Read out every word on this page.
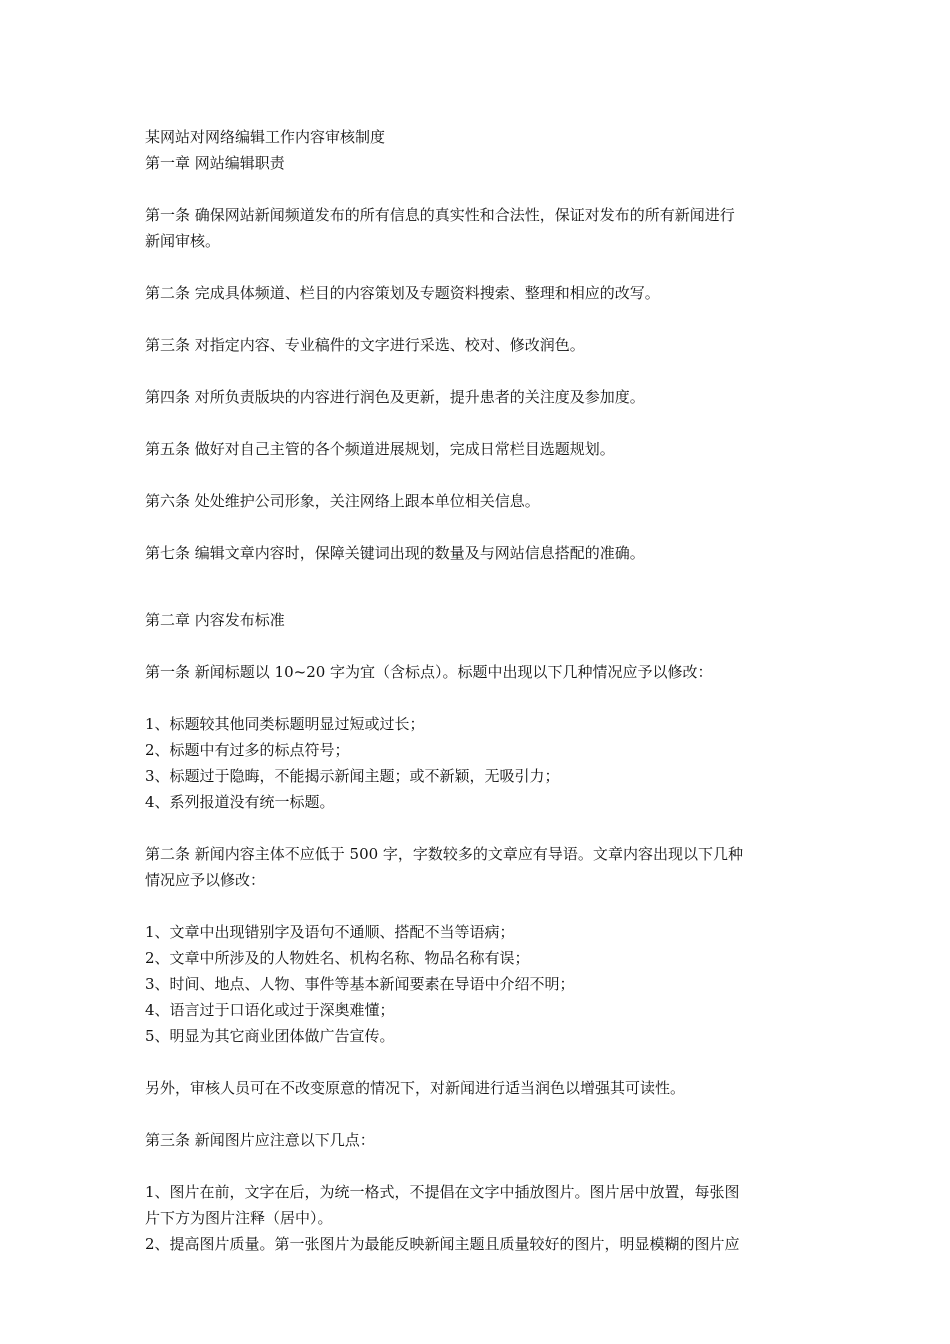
某网站对网络编辑工作内容审核制度
第一章 网站编辑职责
第一条 确保网站新闻频道发布的所有信息的真实性和合法性，保证对发布的所有新闻进行
新闻审核。
第二条 完成具体频道、栏目的内容策划及专题资料搜索、整理和相应的改写。
第三条 对指定内容、专业稿件的文字进行采选、校对、修改润色。
第四条 对所负责版块的内容进行润色及更新，提升患者的关注度及参加度。
第五条 做好对自己主管的各个频道进展规划，完成日常栏目选题规划。
第六条 处处维护公司形象，关注网络上跟本单位相关信息。
第七条 编辑文章内容时，保障关键词出现的数量及与网站信息搭配的准确。
第二章 内容发布标准
第一条 新闻标题以 10~20 字为宜（含标点）。标题中出现以下几种情况应予以修改：
1、标题较其他同类标题明显过短或过长；
2、标题中有过多的标点符号；
3、标题过于隐晦，不能揭示新闻主题；或不新颖，无吸引力；
4、系列报道没有统一标题。
第二条 新闻内容主体不应低于 500 字，字数较多的文章应有导语。文章内容出现以下几种
情况应予以修改：
1、文章中出现错别字及语句不通顺、搭配不当等语病；
2、文章中所涉及的人物姓名、机构名称、物品名称有误；
3、时间、地点、人物、事件等基本新闻要素在导语中介绍不明；
4、语言过于口语化或过于深奥难懂；
5、明显为其它商业团体做广告宣传。
另外，审核人员可在不改变原意的情况下，对新闻进行适当润色以增强其可读性。
第三条 新闻图片应注意以下几点：
1、图片在前，文字在后，为统一格式，不提倡在文字中插放图片。图片居中放置，每张图
片下方为图片注释（居中）。
2、提高图片质量。第一张图片为最能反映新闻主题且质量较好的图片，明显模糊的图片应
